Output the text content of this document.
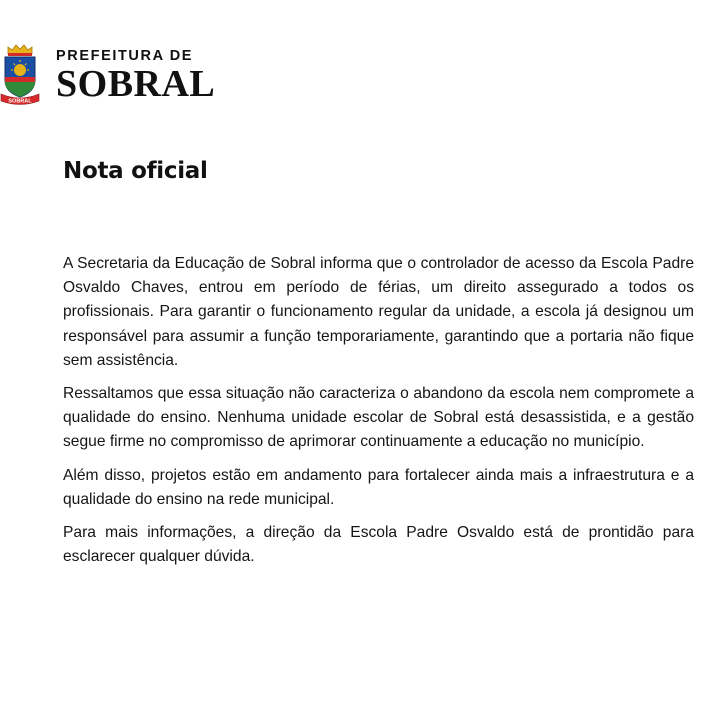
SOBRAL
PREFEITURA DE
SOBRAL
Nota oficial

A Secretaria da Educação de Sobral informa que o controlador de acesso da Escola Padre Osvaldo Chaves, entrou em período de férias, um direito assegurado a todos os profissionais. Para garantir o funcionamento regular da unidade, a escola já designou um responsável para assumir a função temporariamente, garantindo que a portaria não fique sem assistência.

Ressaltamos que essa situação não caracteriza o abandono da escola nem compromete a qualidade do ensino. Nenhuma unidade escolar de Sobral está desassistida, e a gestão segue firme no compromisso de aprimorar continuamente a educação no município.

Além disso, projetos estão em andamento para fortalecer ainda mais a infraestrutura e a qualidade do ensino na rede municipal.

Para mais informações, a direção da Escola Padre Osvaldo está de prontidão para esclarecer qualquer dúvida.
